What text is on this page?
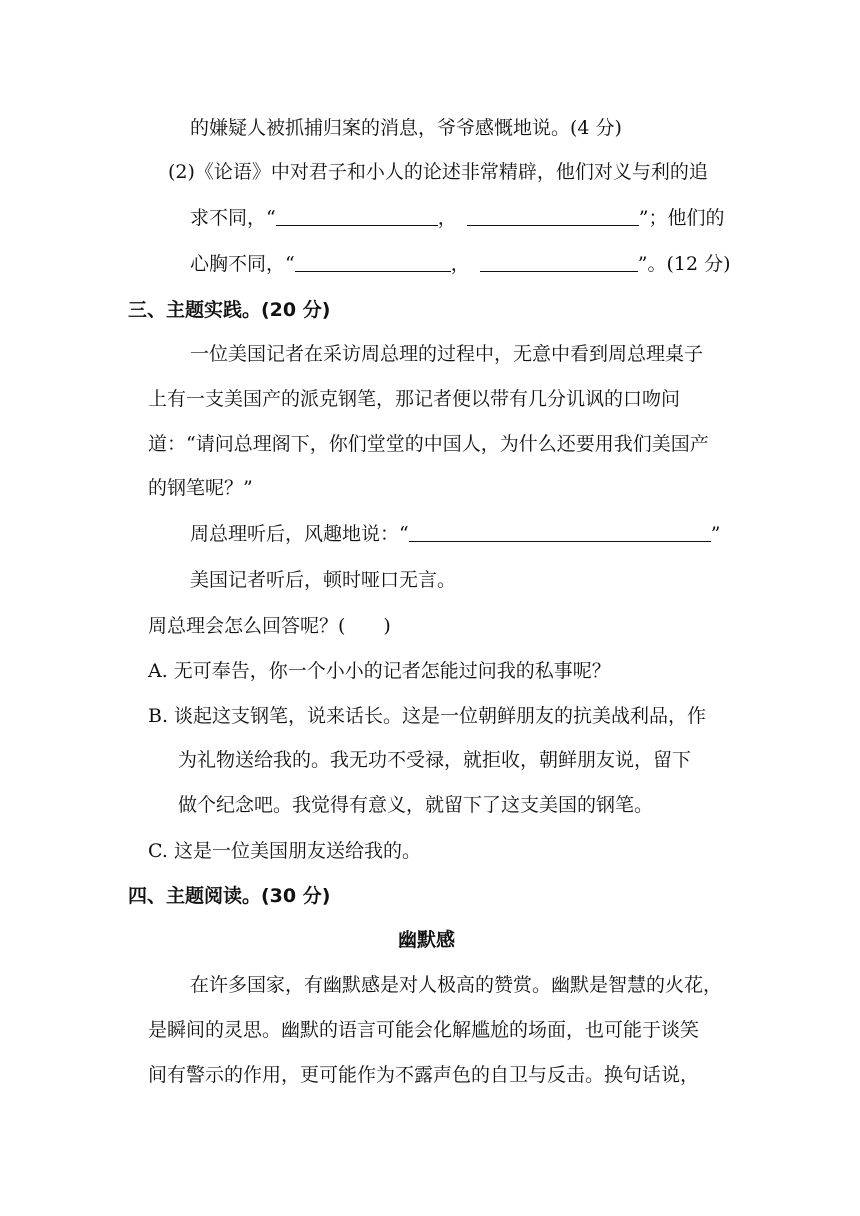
的嫌疑人被抓捕归案的消息，爷爷感慨地说。(4 分)
(2)《论语》中对君子和小人的论述非常精辟，他们对义与利的追
求不同，“	，	”；他们的
心胸不同，“	，	”。(12 分)
三、主题实践。(20 分)
一位美国记者在采访周总理的过程中，无意中看到周总理桌子
上有一支美国产的派克钢笔，那记者便以带有几分讥讽的口吻问
道：“请问总理阁下，你们堂堂的中国人，为什么还要用我们美国产
的钢笔呢？”
周总理听后，风趣地说：“	”
美国记者听后，顿时哑口无言。
周总理会怎么回答呢？(　　)
A. 无可奉告，你一个小小的记者怎能过问我的私事呢？
B. 谈起这支钢笔，说来话长。这是一位朝鲜朋友的抗美战利品，作
为礼物送给我的。我无功不受禄，就拒收，朝鲜朋友说，留下
做个纪念吧。我觉得有意义，就留下了这支美国的钢笔。
C. 这是一位美国朋友送给我的。
四、主题阅读。(30 分)
幽默感
在许多国家，有幽默感是对人极高的赞赏。幽默是智慧的火花，
是瞬间的灵思。幽默的语言可能会化解尴尬的场面，也可能于谈笑
间有警示的作用，更可能作为不露声色的自卫与反击。换句话说，
